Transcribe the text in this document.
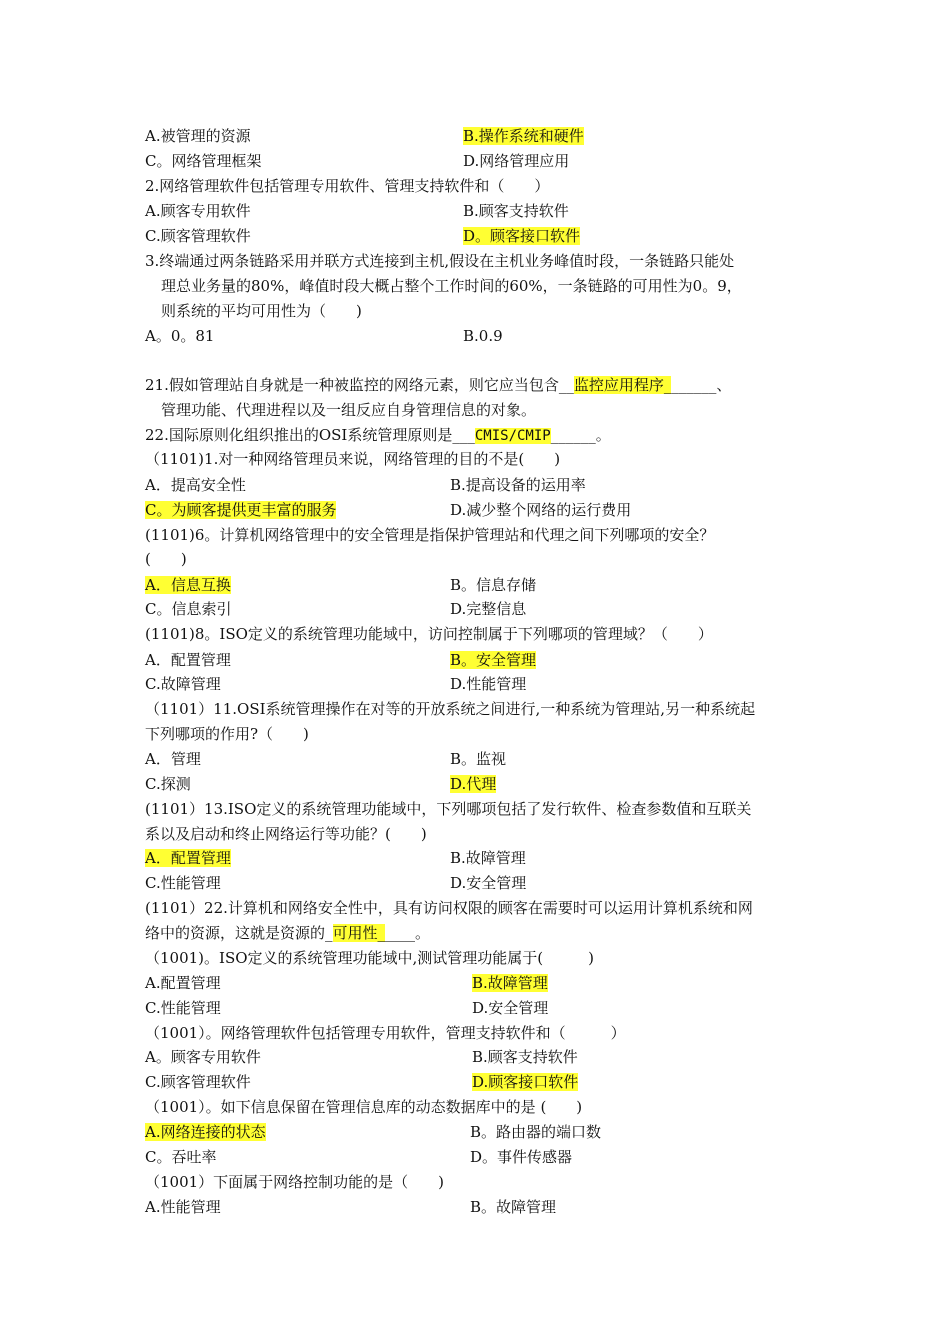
A.被管理的资源	B.操作系统和硬件
C。网络管理框架	D.网络管理应用
2.网络管理软件包括管理专用软件、管理支持软件和（　　）
A.顾客专用软件	B.顾客支持软件
C.顾客管理软件	D。顾客接口软件
3.终端通过两条链路采用并联方式连接到主机,假设在主机业务峰值时段，一条链路只能处
理总业务量的80%，峰值时段大概占整个工作时间的60%，一条链路的可用性为0。9，
则系统的平均可用性为（　　)
A。0。81	B.0.9
21.假如管理站自身就是一种被监控的网络元素，则它应当包含__监控应用程序_______、
管理功能、代理进程以及一组反应自身管理信息的对象。
22.国际原则化组织推出的OSI系统管理原则是___CMIS/CMIP______。
（1101)1.对一种网络管理员来说，网络管理的目的不是(　　)
A．提高安全性	B.提高设备的运用率
C。为顾客提供更丰富的服务	D.减少整个网络的运行费用
(1101)6。计算机网络管理中的安全管理是指保护管理站和代理之间下列哪项的安全？
(　　)
A．信息互换	B。信息存储
C。信息索引	D.完整信息
(1101)8。ISO定义的系统管理功能域中，访问控制属于下列哪项的管理域？（　　）
A．配置管理	B。安全管理
C.故障管理	D.性能管理
（1101）11.OSI系统管理操作在对等的开放系统之间进行,一种系统为管理站,另一种系统起
下列哪项的作用?（　　)
A．管理	B。监视
C.探测	D.代理
(1101）13.ISO定义的系统管理功能域中，下列哪项包括了发行软件、检查参数值和互联关
系以及启动和终止网络运行等功能？(　　)
A．配置管理	B.故障管理
C.性能管理	D.安全管理
(1101）22.计算机和网络安全性中，具有访问权限的顾客在需要时可以运用计算机系统和网
络中的资源，这就是资源的_可用性_____。
（1001)。ISO定义的系统管理功能域中,测试管理功能属于(　　　)
A.配置管理	B.故障管理
C.性能管理	D.安全管理
（1001）。网络管理软件包括管理专用软件，管理支持软件和（　　　）
A。顾客专用软件	B.顾客支持软件
C.顾客管理软件	D.顾客接口软件
（1001）。如下信息保留在管理信息库的动态数据库中的是 (　　)
A.网络连接的状态	B。路由器的端口数
C。吞吐率	D。事件传感器
（1001）下面属于网络控制功能的是（　　)
A.性能管理	B。故障管理
